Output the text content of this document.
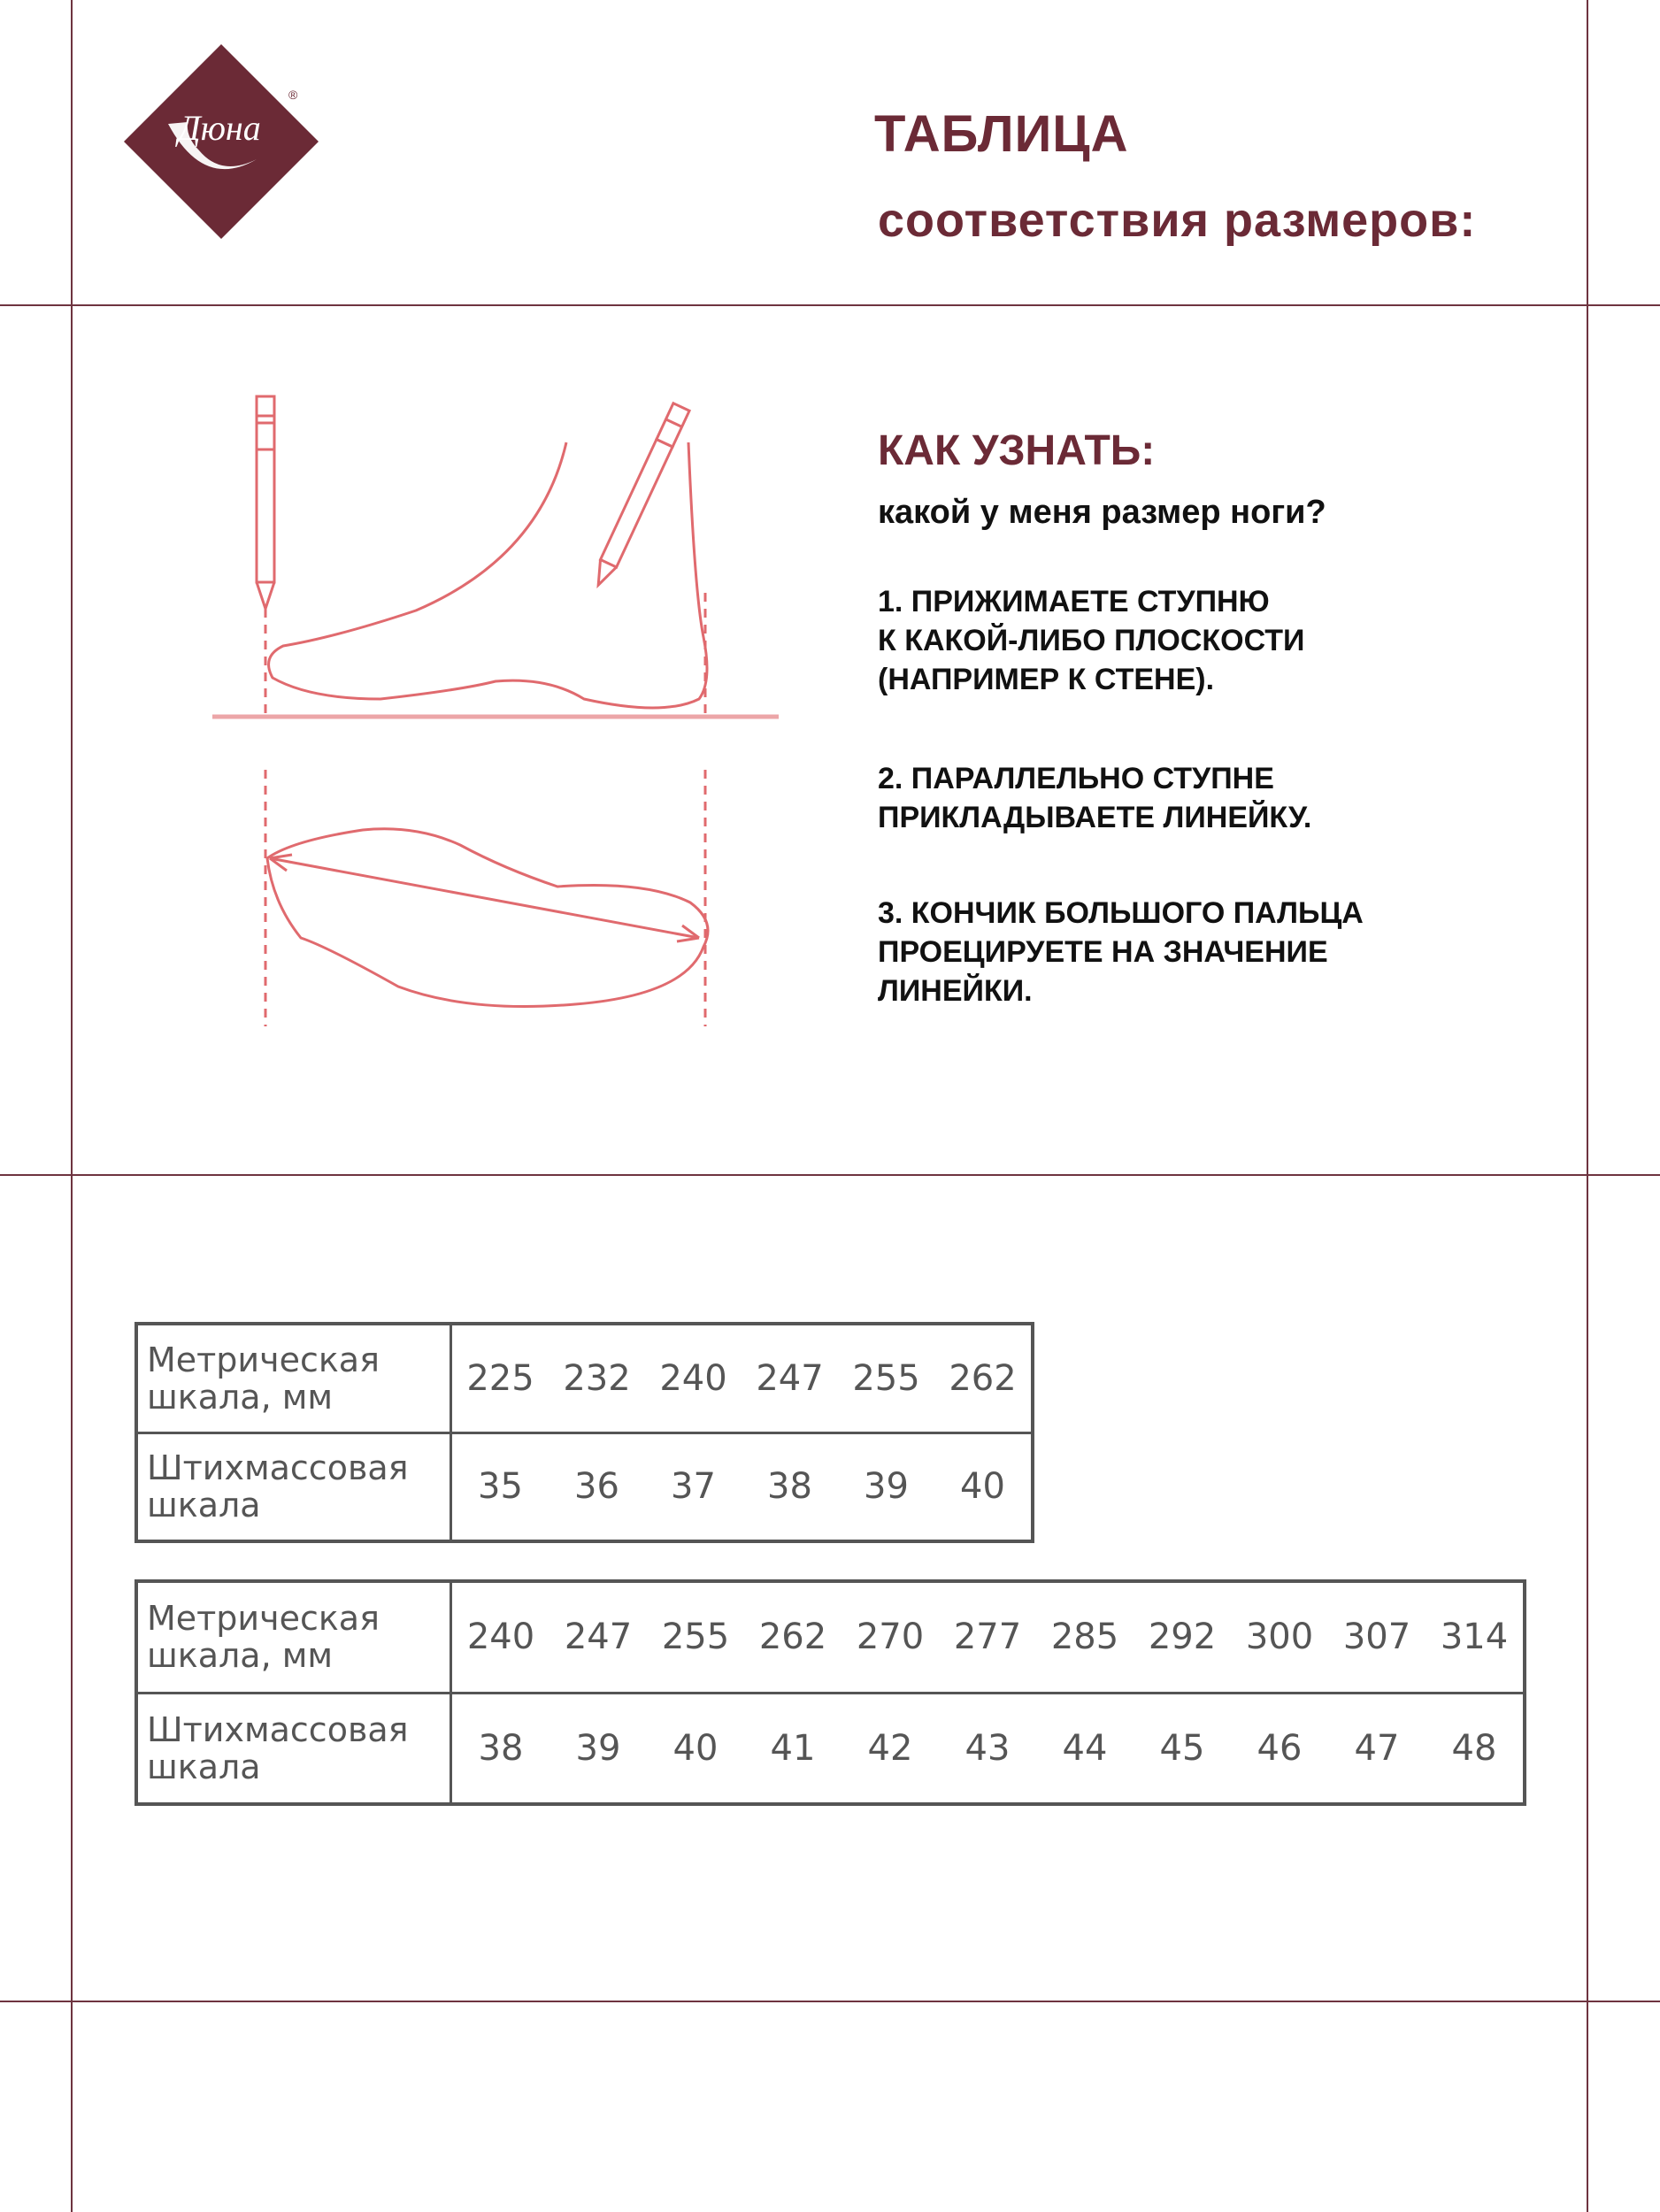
Дюна
®
ТАБЛИЦА
соответствия размеров:
КАК УЗНАТЬ:
какой у меня размер ноги?
1. ПРИЖИМАЕТЕ СТУПНЮ
К КАКОЙ-ЛИБО ПЛОСКОСТИ
(НАПРИМЕР К СТЕНЕ).
2. ПАРАЛЛЕЛЬНО СТУПНЕ
ПРИКЛАДЫВАЕТЕ ЛИНЕЙКУ.
3. КОНЧИК БОЛЬШОГО ПАЛЬЦА
ПРОЕЦИРУЕТЕ НА ЗНАЧЕНИЕ
ЛИНЕЙКИ.
Метрическая
шкала, мм	225	232	240	247	255	262
Штихмассовая
шкала	35	36	37	38	39	40
Метрическая
шкала, мм	240	247	255	262	270	277	285	292	300	307	314
Штихмассовая
шкала	38	39	40	41	42	43	44	45	46	47	48
